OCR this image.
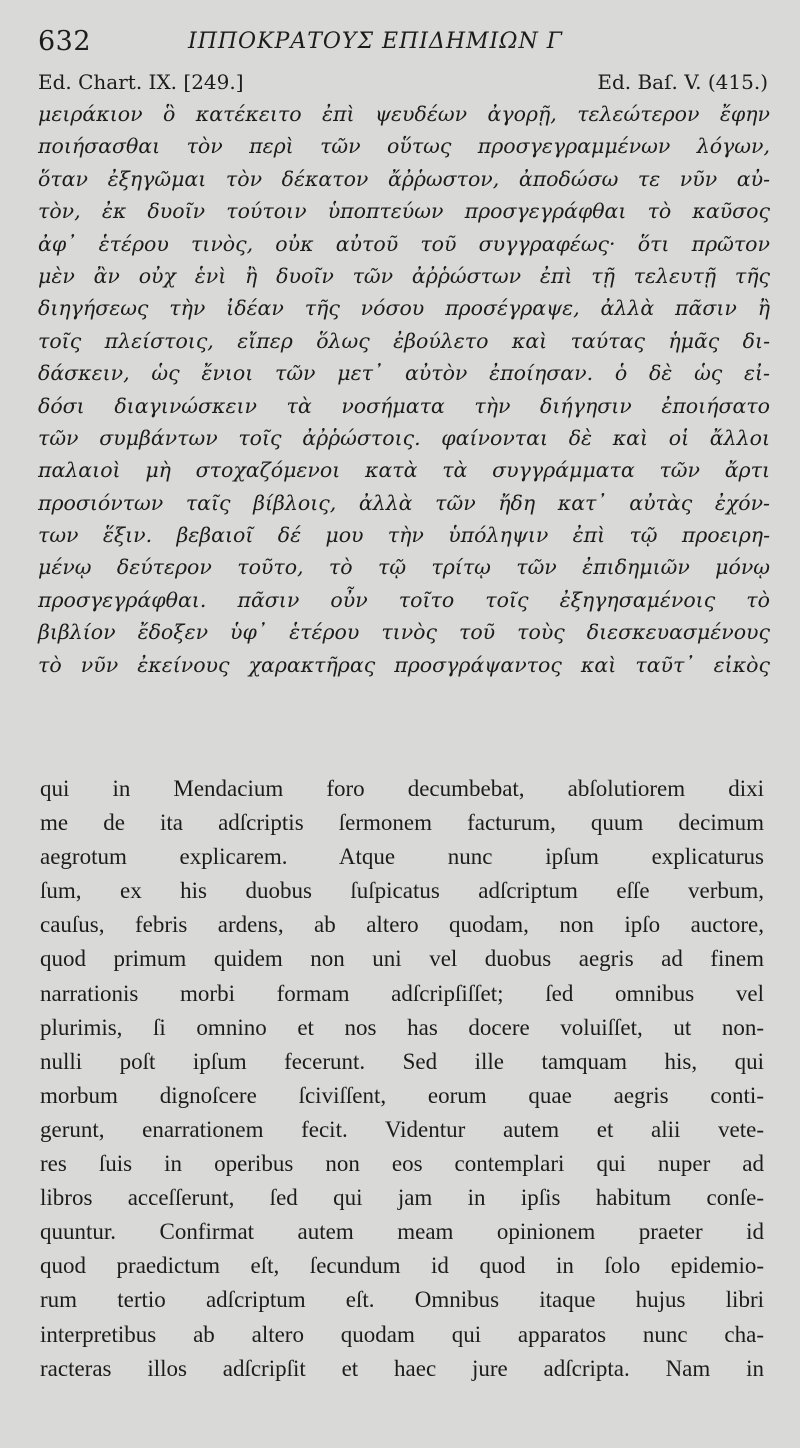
632	ΙΠΠΟΚΡΑΤΟΥΣ ΕΠΙΔΗΜΙΩΝ Γ
Ed. Chart. IX. [249.]	Ed. Baſ. V. (415.)
μειράκιον ὃ κατέκειτο ἐπὶ ψευδέων ἀγορῇ, τελεώτερον ἔφην
ποιήσασθαι τὸν περὶ τῶν οὕτως προσγεγραμμένων λόγων,
ὅταν ἐξηγῶμαι τὸν δέκατον ἄῤῥωστον, ἀποδώσω τε νῦν αὐ-
τὸν, ἐκ δυοῖν τούτοιν ὑποπτεύων προσγεγράφθαι τὸ καῦσος
ἀφ᾽ ἑτέρου τινὸς, οὐκ αὐτοῦ τοῦ συγγραφέως· ὅτι πρῶτον
μὲν ἂν οὐχ ἑνὶ ἢ δυοῖν τῶν ἀῤῥώστων ἐπὶ τῇ τελευτῇ τῆς
διηγήσεως τὴν ἰδέαν τῆς νόσου προσέγραψε, ἀλλὰ πᾶσιν ἢ
τοῖς πλείστοις, εἴπερ ὅλως ἐβούλετο καὶ ταύτας ἡμᾶς δι-
δάσκειν, ὡς ἔνιοι τῶν μετ᾽ αὐτὸν ἐποίησαν. ὁ δὲ ὡς εἰ-
δόσι διαγινώσκειν τὰ νοσήματα τὴν διήγησιν ἐποιήσατο
τῶν συμβάντων τοῖς ἀῤῥώστοις. φαίνονται δὲ καὶ οἱ ἄλλοι
παλαιοὶ μὴ στοχαζόμενοι κατὰ τὰ συγγράμματα τῶν ἄρτι
προσιόντων ταῖς βίβλοις, ἀλλὰ τῶν ἤδη κατ᾽ αὐτὰς ἐχόν-
των ἕξιν. βεβαιοῖ δέ μου τὴν ὑπόληψιν ἐπὶ τῷ προειρη-
μένῳ δεύτερον τοῦτο, τὸ τῷ τρίτῳ τῶν ἐπιδημιῶν μόνῳ
προσγεγράφθαι. πᾶσιν οὖν τοῖτο τοῖς ἐξηγησαμένοις τὸ
βιβλίον ἔδοξεν ὑφ᾽ ἑτέρου τινὸς τοῦ τοὺς διεσκευασμένους
τὸ νῦν ἐκείνους χαρακτῆρας προσγράψαντος καὶ ταῦτ᾽ εἰκὸς
qui in Mendacium foro decumbebat, abſolutiorem dixi
me de ita adſcriptis ſermonem facturum, quum decimum
aegrotum explicarem. Atque nunc ipſum explicaturus
ſum, ex his duobus ſuſpicatus adſcriptum eſſe verbum,
cauſus, febris ardens, ab altero quodam, non ipſo auctore,
quod primum quidem non uni vel duobus aegris ad finem
narrationis morbi formam adſcripſiſſet; ſed omnibus vel
plurimis, ſi omnino et nos has docere voluiſſet, ut non-
nulli poſt ipſum fecerunt. Sed ille tamquam his, qui
morbum dignoſcere ſciviſſent, eorum quae aegris conti-
gerunt, enarrationem fecit. Videntur autem et alii vete-
res ſuis in operibus non eos contemplari qui nuper ad
libros acceſſerunt, ſed qui jam in ipſis habitum conſe-
quuntur. Confirmat autem meam opinionem praeter id
quod praedictum eſt, ſecundum id quod in ſolo epidemio-
rum tertio adſcriptum eſt. Omnibus itaque hujus libri
interpretibus ab altero quodam qui apparatos nunc cha-
racteras illos adſcripſit et haec jure adſcripta. Nam in
